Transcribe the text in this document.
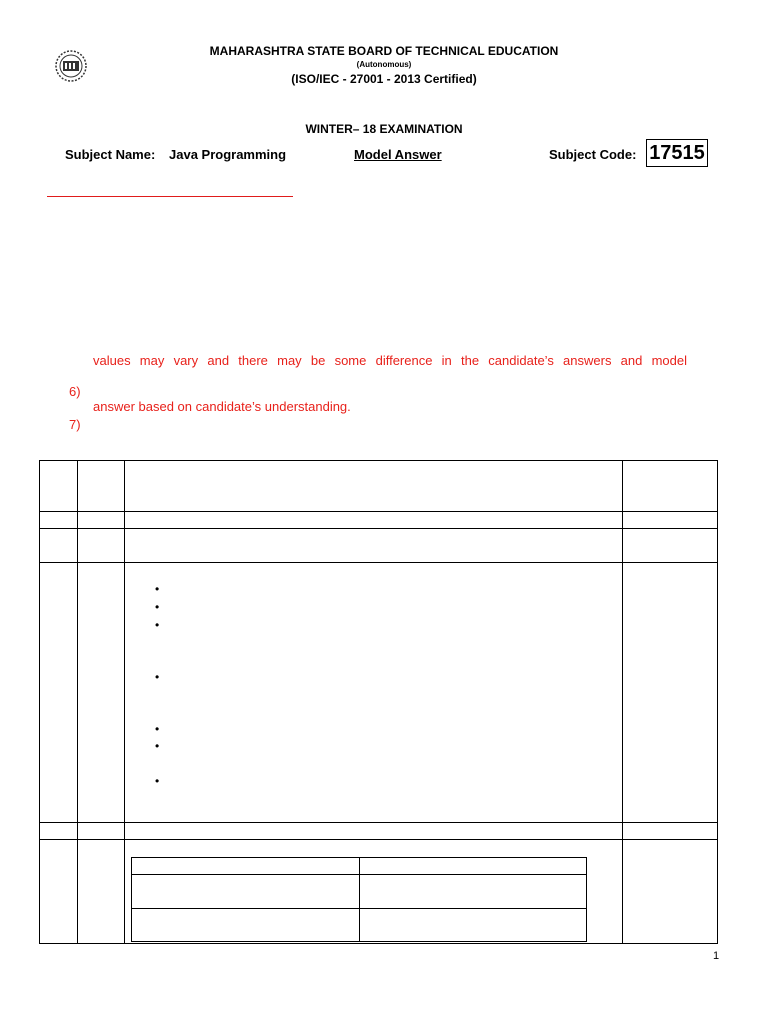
MAHARASHTRA STATE BOARD OF TECHNICAL EDUCATION
(Autonomous)
(ISO/IEC - 27001 - 2013 Certified)
WINTER– 18 EXAMINATION
Subject Name: Java Programming	Model Answer	Subject Code: 17515
values may vary and there may be some difference in the candidate’s answers and model
6)
answer based on candidate’s understanding.
7)
•
•
•
•
•
•
•
1
